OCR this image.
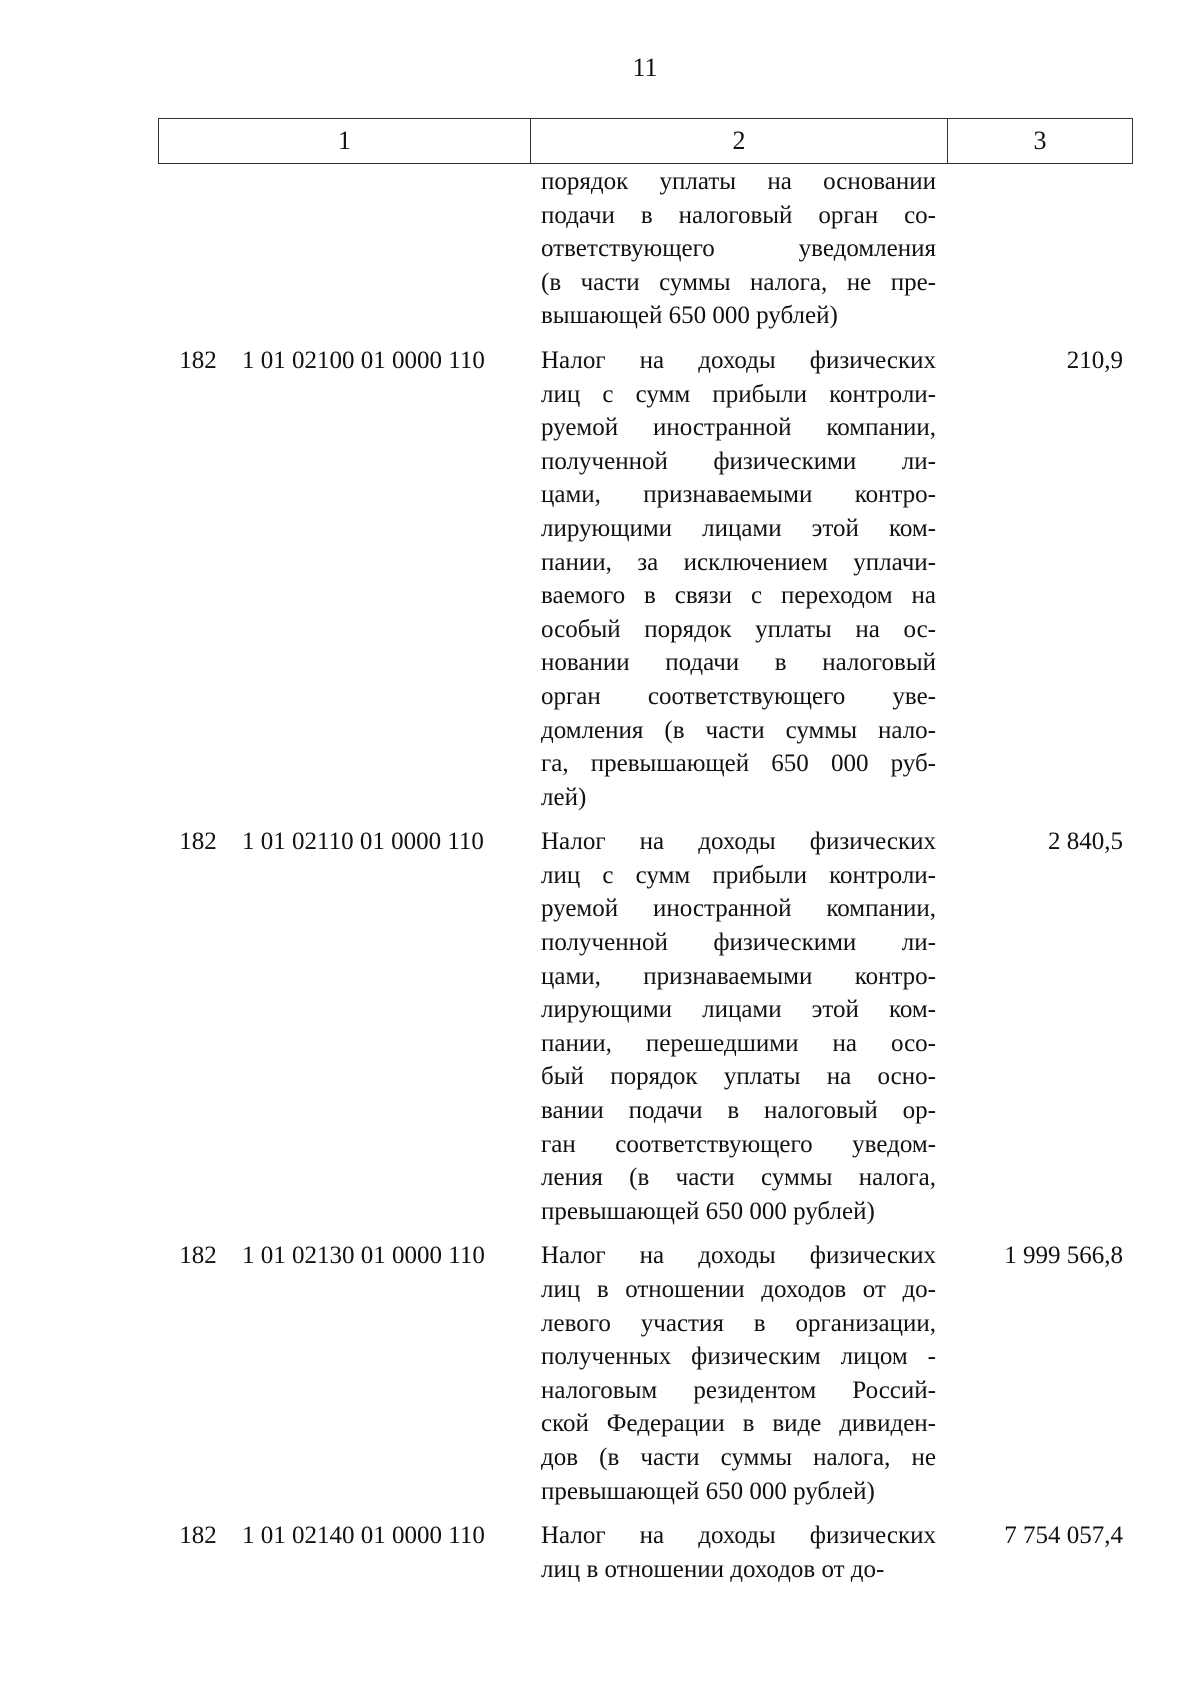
11
1	2	3
порядок уплаты на основании
подачи в налоговый орган со-
ответствующего уведомления
(в части суммы налога, не пре-
вышающей 650 000 рублей)
182	1 01 02100 01 0000 110	Налог на доходы физических
лиц с сумм прибыли контроли-
руемой иностранной компании,
полученной физическими ли-
цами, признаваемыми контро-
лирующими лицами этой ком-
пании, за исключением уплачи-
ваемого в связи с переходом на
особый порядок уплаты на ос-
новании подачи в налоговый
орган соответствующего уве-
домления (в части суммы нало-
га, превышающей 650 000 руб-
лей)
210,9
182	1 01 02110 01 0000 110	Налог на доходы физических
лиц с сумм прибыли контроли-
руемой иностранной компании,
полученной физическими ли-
цами, признаваемыми контро-
лирующими лицами этой ком-
пании, перешедшими на осо-
бый порядок уплаты на осно-
вании подачи в налоговый ор-
ган соответствующего уведом-
ления (в части суммы налога,
превышающей 650 000 рублей)
2 840,5
182	1 01 02130 01 0000 110	Налог на доходы физических
лиц в отношении доходов от до-
левого участия в организации,
полученных физическим лицом -
налоговым резидентом Россий-
ской Федерации в виде дивиден-
дов (в части суммы налога, не
превышающей 650 000 рублей)
1 999 566,8
182	1 01 02140 01 0000 110	Налог на доходы физических
лиц в отношении доходов от до-
7 754 057,4
